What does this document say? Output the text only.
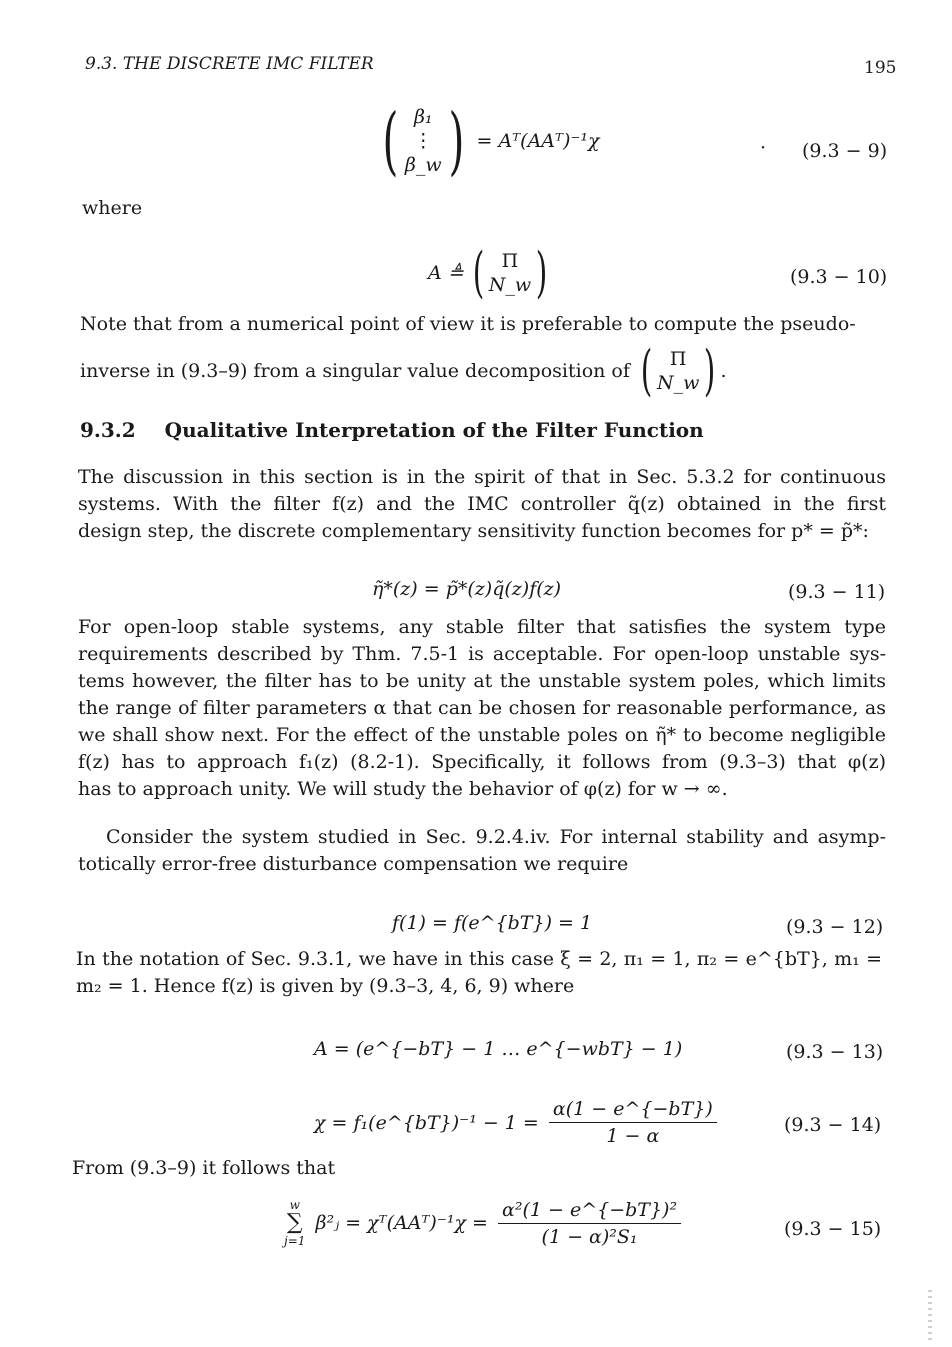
9.3. THE DISCRETE IMC FILTER	195
( β₁
⋮
β_w ) = Aᵀ(AAᵀ)⁻¹χ	· (9.3 − 9)
where
A ≜ ( Π
N_w )	(9.3 − 10)
Note that from a numerical point of view it is preferable to compute the pseudo-
inverse in (9.3–9) from a singular value decomposition of ( Π
N_w ) .
9.3.2 Qualitative Interpretation of the Filter Function
The discussion in this section is in the spirit of that in Sec. 5.3.2 for continuous
systems. With the filter f(z) and the IMC controller q̃(z) obtained in the first
design step, the discrete complementary sensitivity function becomes for p* = p̃*:
η̃*(z) = p̃*(z)q̃(z)f(z)	(9.3 − 11)
For open-loop stable systems, any stable filter that satisfies the system type
requirements described by Thm. 7.5-1 is acceptable. For open-loop unstable sys-
tems however, the filter has to be unity at the unstable system poles, which limits
the range of filter parameters α that can be chosen for reasonable performance, as
we shall show next. For the effect of the unstable poles on η̃* to become negligible
f(z) has to approach f₁(z) (8.2-1). Specifically, it follows from (9.3–3) that φ(z)
has to approach unity. We will study the behavior of φ(z) for w → ∞.
Consider the system studied in Sec. 9.2.4.iv. For internal stability and asymp-
totically error-free disturbance compensation we require
f(1) = f(e^{bT}) = 1	(9.3 − 12)
In the notation of Sec. 9.3.1, we have in this case ξ = 2, π₁ = 1, π₂ = e^{bT}, m₁ =
m₂ = 1. Hence f(z) is given by (9.3–3, 4, 6, 9) where
A = (e^{−bT} − 1 … e^{−wbT} − 1)	(9.3 − 13)
χ = f₁(e^{bT})⁻¹ − $1 = \frac{\alpha(1 - e\^{}\{-bT\})}{1 - \alpha}$	(9.3 − 14)
From (9.3–9) it follows that
w
∑
j=1
β²ⱼ = χᵀ(AAᵀ)⁻¹χ = $\frac{\text{α²(1 − e\textasciicircum{}\{−bT\})²}}{\text{(1 − α)²S₁}}$	(9.3 − 15)
